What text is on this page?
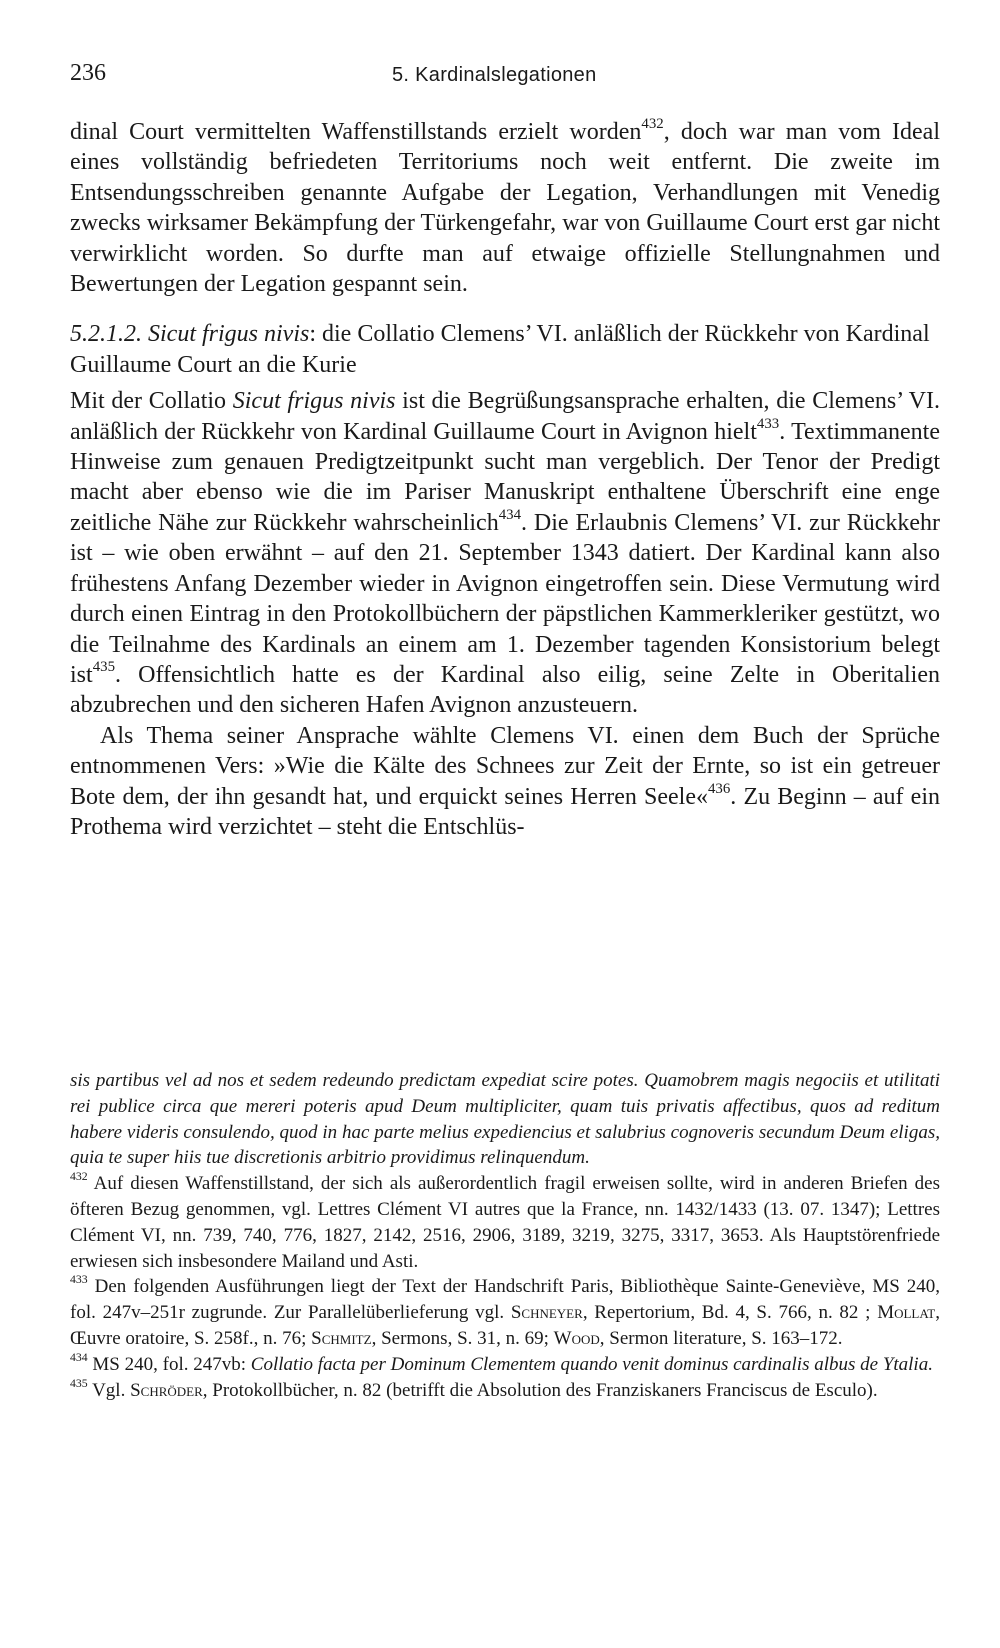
236	5. Kardinalslegationen

dinal Court vermittelten Waffenstillstands erzielt worden$^{432}$, doch war man vom Ideal eines vollständig befriedeten Territoriums noch weit entfernt. Die zweite im Entsendungsschreiben genannte Aufgabe der Legation, Verhandlungen mit Venedig zwecks wirksamer Bekämpfung der Türkengefahr, war von Guillaume Court erst gar nicht verwirklicht worden. So durfte man auf etwaige offizielle Stellungnahmen und Bewertungen der Legation gespannt sein.

5.2.1.2. Sicut frigus nivis: die Collatio Clemens’ VI. anläßlich der Rückkehr von Kardinal Guillaume Court an die Kurie

Mit der Collatio Sicut frigus nivis ist die Begrüßungsansprache erhalten, die Clemens’ VI. anläßlich der Rückkehr von Kardinal Guillaume Court in Avignon hielt$^{433}$. Textimmanente Hinweise zum genauen Predigtzeitpunkt sucht man vergeblich. Der Tenor der Predigt macht aber ebenso wie die im Pariser Manuskript enthaltene Überschrift eine enge zeitliche Nähe zur Rückkehr wahrscheinlich$^{434}$. Die Erlaubnis Clemens’ VI. zur Rückkehr ist – wie oben erwähnt – auf den 21. September 1343 datiert. Der Kardinal kann also frühestens Anfang Dezember wieder in Avignon eingetroffen sein. Diese Vermutung wird durch einen Eintrag in den Protokollbüchern der päpstlichen Kammerkleriker gestützt, wo die Teilnahme des Kardinals an einem am 1. Dezember tagenden Konsistorium belegt ist$^{435}$. Offensichtlich hatte es der Kardinal also eilig, seine Zelte in Oberitalien abzubrechen und den sicheren Hafen Avignon anzusteuern.

Als Thema seiner Ansprache wählte Clemens VI. einen dem Buch der Sprüche entnommenen Vers: »Wie die Kälte des Schnees zur Zeit der Ernte, so ist ein getreuer Bote dem, der ihn gesandt hat, und erquickt seines Herren Seele«$^{436}$. Zu Beginn – auf ein Prothema wird verzichtet – steht die Entschlüs-

sis partibus vel ad nos et sedem redeundo predictam expediat scire potes. Quamobrem magis negociis et utilitati rei publice circa que mereri poteris apud Deum multipliciter, quam tuis privatis affectibus, quos ad reditum habere videris consulendo, quod in hac parte melius expediencius et salubrius cognoveris secundum Deum eligas, quia te super hiis tue discretionis arbitrio providimus relinquendum.

$^{432}$ Auf diesen Waffenstillstand, der sich als außerordentlich fragil erweisen sollte, wird in anderen Briefen des öfteren Bezug genommen, vgl. Lettres Clément VI autres que la France, nn. 1432/1433 (13. 07. 1347); Lettres Clément VI, nn. 739, 740, 776, 1827, 2142, 2516, 2906, 3189, 3219, 3275, 3317, 3653. Als Hauptstörenfriede erwiesen sich insbesondere Mailand und Asti.

$^{433}$ Den folgenden Ausführungen liegt der Text der Handschrift Paris, Bibliothèque Sainte-Geneviève, MS 240, fol. 247v–251r zugrunde. Zur Parallelüberlieferung vgl. Schneyer, Repertorium, Bd. 4, S. 766, n. 82 ; Mollat, Œuvre oratoire, S. 258f., n. 76; Schmitz, Sermons, S. 31, n. 69; Wood, Sermon literature, S. 163–172.

$^{434}$ MS 240, fol. 247vb: Collatio facta per Dominum Clementem quando venit dominus cardinalis albus de Ytalia.

$^{435}$ Vgl. Schröder, Protokollbücher, n. 82 (betrifft die Absolution des Franziskaners Franciscus de Esculo).
